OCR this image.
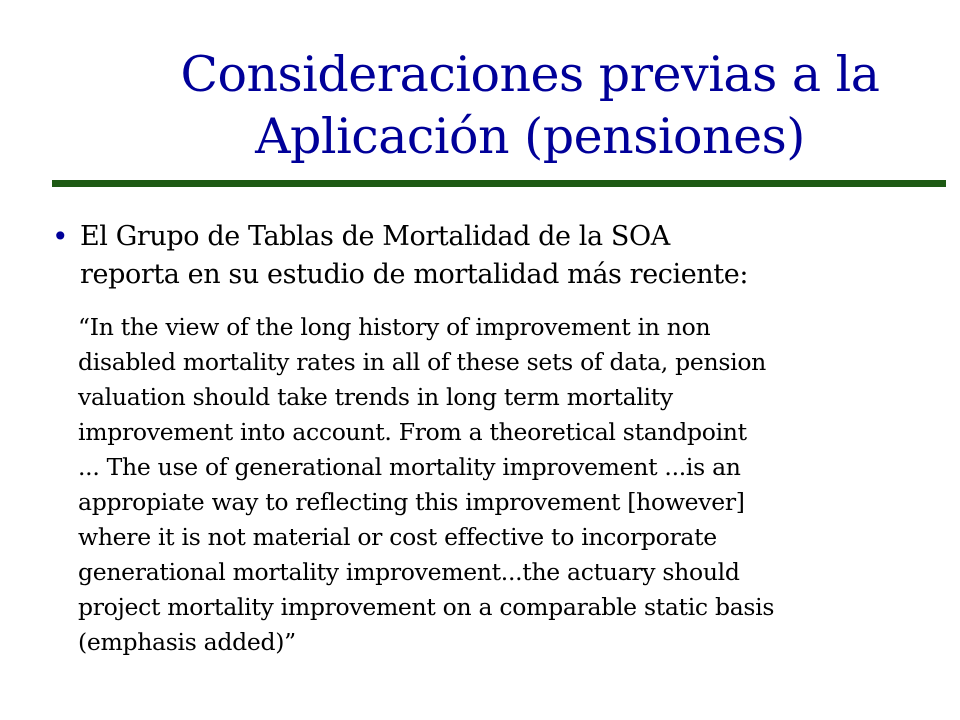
Consideraciones previas a la
Aplicación (pensiones)
• El Grupo de Tablas de Mortalidad de la SOA
reporta en su estudio de mortalidad más reciente:
“In the view of the long history of improvement in non
disabled mortality rates in all of these sets of data, pension
valuation should take trends in long term mortality
improvement into account. From a theoretical standpoint
... The use of generational mortality improvement ...is an
appropiate way to reflecting this improvement [however]
where it is not material or cost effective to incorporate
generational mortality improvement...the actuary should
project mortality improvement on a comparable static basis
(emphasis added)”
